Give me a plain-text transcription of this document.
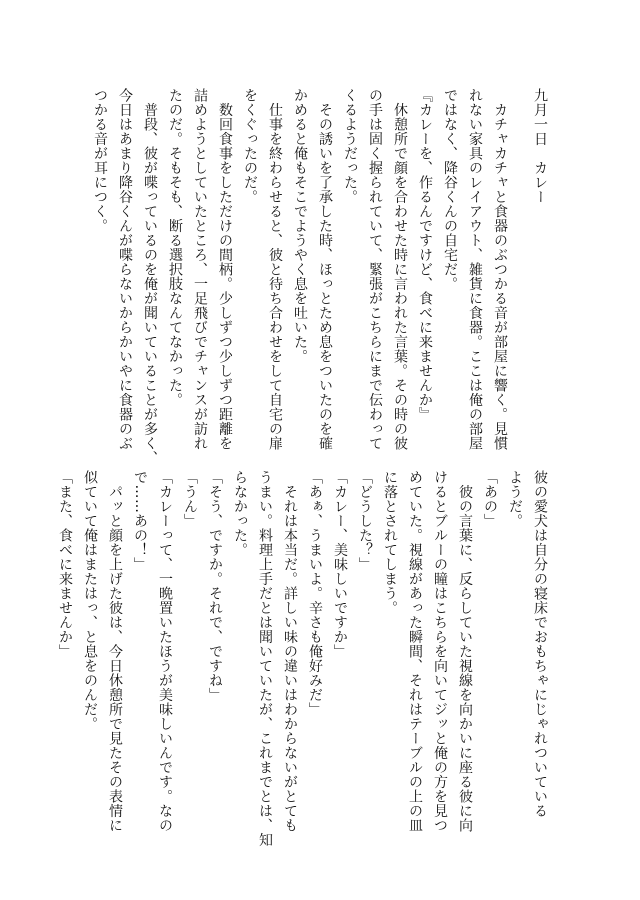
九月一日　カレー
　カチャカチャと食器のぶつかる音が部屋に響く。見慣
れない家具のレイアウト、雑貨に食器。ここは俺の部屋
ではなく、降谷くんの自宅だ。
『カレーを、作るんですけど、食べに来ませんか』
　休憩所で顔を合わせた時に言われた言葉。その時の彼
の手は固く握られていて、緊張がこちらにまで伝わって
くるようだった。
　その誘いを了承した時、ほっとため息をついたのを確
かめると俺もそこでようやく息を吐いた。
　仕事を終わらせると、彼と待ち合わせをして自宅の扉
をくぐったのだ。
　数回食事をしただけの間柄。少しずつ少しずつ距離を
詰めようとしていたところ、一足飛びでチャンスが訪れ
たのだ。そもそも、断る選択肢なんてなかった。
　普段、彼が喋っているのを俺が聞いていることが多く、
今日はあまり降谷くんが喋らないからかいやに食器のぶ
つかる音が耳につく。
彼の愛犬は自分の寝床でおもちゃにじゃれついている
ようだ。
「あの」
　彼の言葉に、反らしていた視線を向かいに座る彼に向
けるとブルーの瞳はこちらを向いてジッと俺の方を見つ
めていた。視線があった瞬間、それはテーブルの上の皿
に落とされてしまう。
「どうした？」
「カレー、美味しいですか」
「あぁ、うまいよ。辛さも俺好みだ」
　それは本当だ。詳しい味の違いはわからないがとても
うまい。料理上手だとは聞いていたが、これまでとは、知
らなかった。
「そう、ですか。それで、ですね」
「うん」
「カレーって、一晩置いたほうが美味しいんです。なの
で……あの！」
　パッと顔を上げた彼は、今日休憩所で見たその表情に
似ていて俺はまたはっ、と息をのんだ。
「また、食べに来ませんか」
